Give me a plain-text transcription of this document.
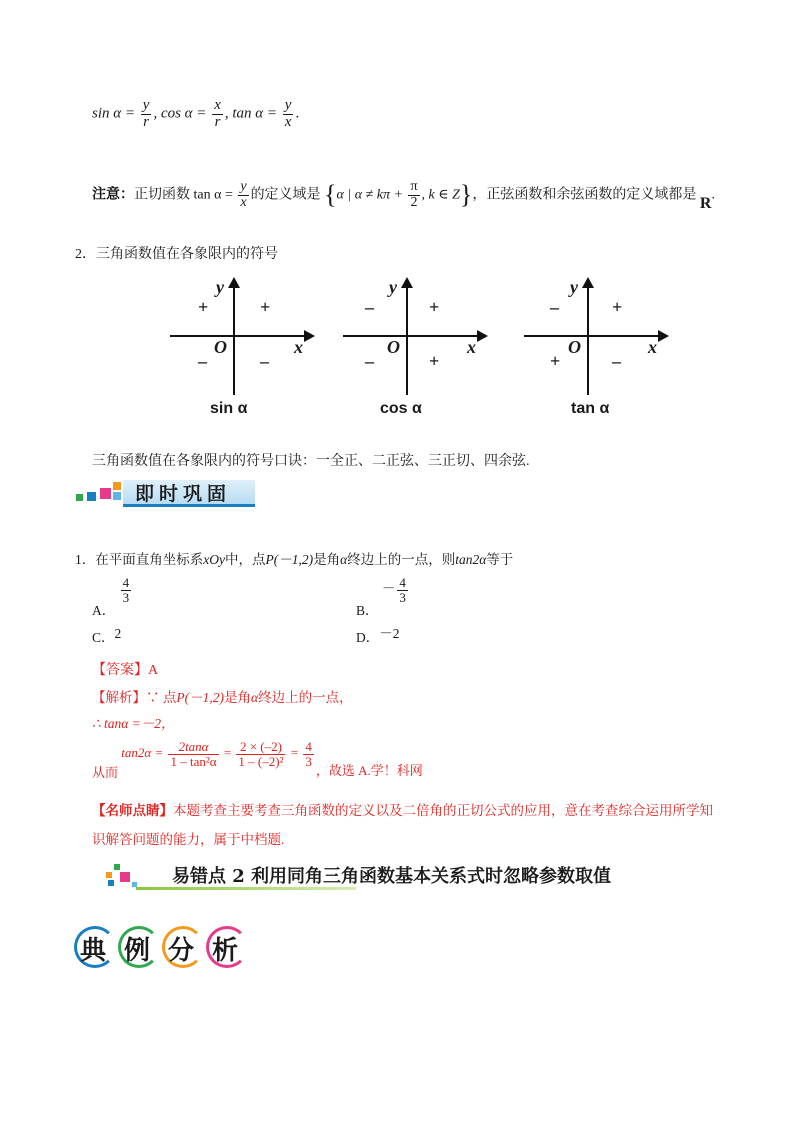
$\sin \alpha = \frac{y}{r}$ , $\cos \alpha = \frac{x}{r}$ , $\tan \alpha = \frac{y}{x}$ .
注意：正切函数 $\tan \alpha = \frac{y}{x}$ 的定义域是 {α | $\alpha \ne k\pi + \frac{\pi}{2}$ , k ∈ Z}，正弦函数和余弦函数的定义域都是 R.
2．三角函数值在各象限内的符号
y
x
O
+
+
–	–
sin α
y
x
O
+
–
–	+
cos α
y
x
O
+
–
+	–
tan α
三角函数值在各象限内的符号口诀：一全正、二正弦、三正切、四余弦.
即时巩固
1．在平面直角坐标系xOy中，点P(－1,2)是角α终边上的一点，则tan2α等于
A．
$\frac{4}{3}$
B． － $\frac{4}{3}$
C．2	D．－2
【答案】A
【解析】∵ 点P(－1,2)是角α终边上的一点，
∴ tanα =－2，
从而 $\tan 2\alpha = \frac{2\tan\alpha}{\text{1 – tan²α}} = \frac{2 \times (-2)}{\text{1 – (–2)²}} = \frac{4}{3}$
，故选 A.学！科网
【名师点睛】本题考查主要考查三角函数的定义以及二倍角的正切公式的应用，意在考查综合运用所学知
识解答问题的能力，属于中档题.
易错点 2 利用同角三角函数基本关系式时忽略参数取值
典 例 分 析
